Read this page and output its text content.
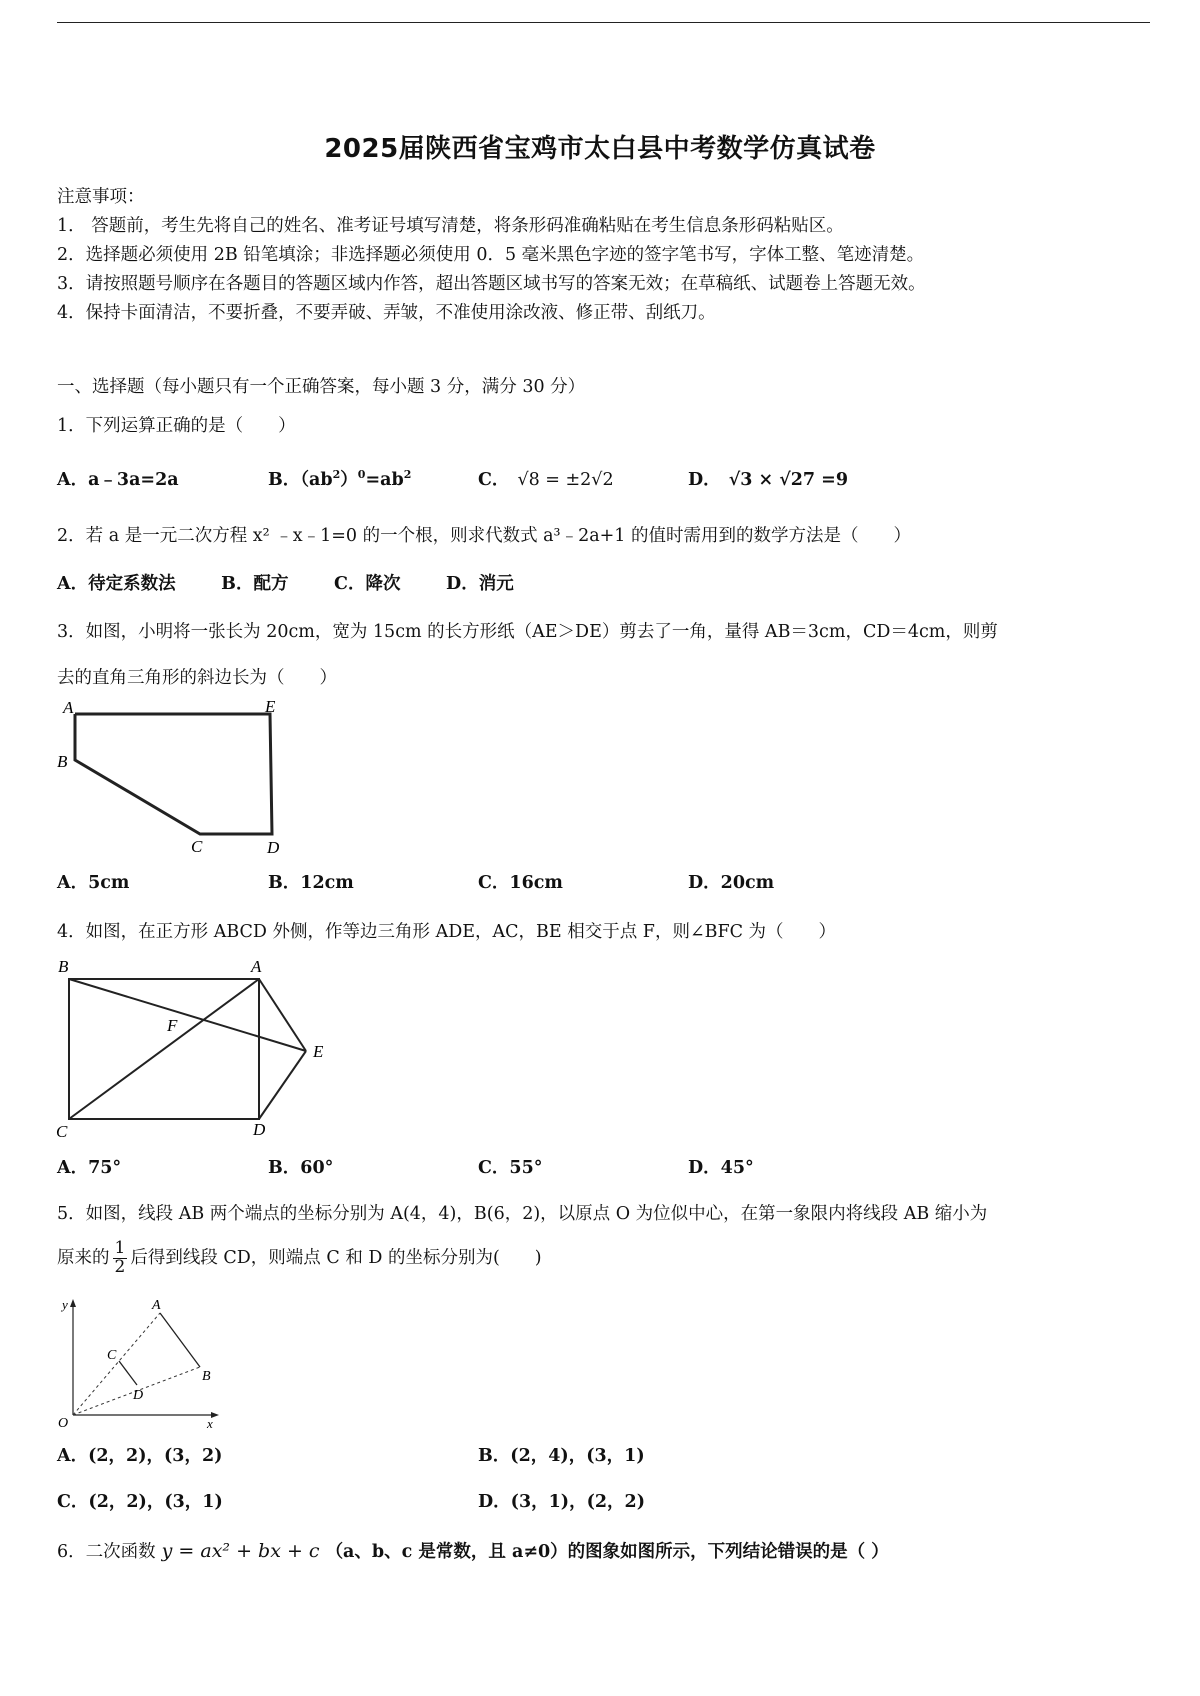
2025届陕西省宝鸡市太白县中考数学仿真试卷
注意事项：
1． 答题前，考生先将自己的姓名、准考证号填写清楚，将条形码准确粘贴在考生信息条形码粘贴区。
2．选择题必须使用 2B 铅笔填涂；非选择题必须使用 0．5 毫米黑色字迹的签字笔书写，字体工整、笔迹清楚。
3．请按照题号顺序在各题目的答题区域内作答，超出答题区域书写的答案无效；在草稿纸、试题卷上答题无效。
4．保持卡面清洁，不要折叠，不要弄破、弄皱，不准使用涂改液、修正带、刮纸刀。
一、选择题（每小题只有一个正确答案，每小题 3 分，满分 30 分）
1．下列运算正确的是（　　）
A．a﹣3a=2a	B．$(ab^2)^0=ab^2$	C． √8 = ±2√2	D． √3 × √27 =9
2．若 a 是一元二次方程 x² ﹣x﹣1=0 的一个根，则求代数式 a³﹣2a+1 的值时需用到的数学方法是（　　）
A．待定系数法	B．配方	C．降次	D．消元
3．如图，小明将一张长为 20cm，宽为 15cm 的长方形纸（AE＞DE）剪去了一角，量得 AB＝3cm，CD＝4cm，则剪
去的直角三角形的斜边长为（　　）
A	E
B
C	D
A．5cm	B．12cm	C．16cm	D．20cm
4．如图，在正方形 ABCD 外侧，作等边三角形 ADE，AC，BE 相交于点 F，则∠BFC 为（　　）
B	A
F
E
C	D
A．75°	B．60°	C．55°	D．45°
5．如图，线段 AB 两个端点的坐标分别为 A(4，4)，B(6，2)，以原点 O 为位似中心，在第一象限内将线段 AB 缩小为
原来的 $\frac{1}{2}$ 后得到线段 CD，则端点 C 和 D 的坐标分别为(　　)
y	A
C
B
D
O	x
A．(2，2)，(3，2)	B．(2，4)，(3，1)
C．(2，2)，(3，1)	D．(3，1)，(2，2)
6．二次函数 y = ax² + bx + c （a、b、c 是常数，且 a≠0）的图象如图所示，下列结论错误的是（ ）
